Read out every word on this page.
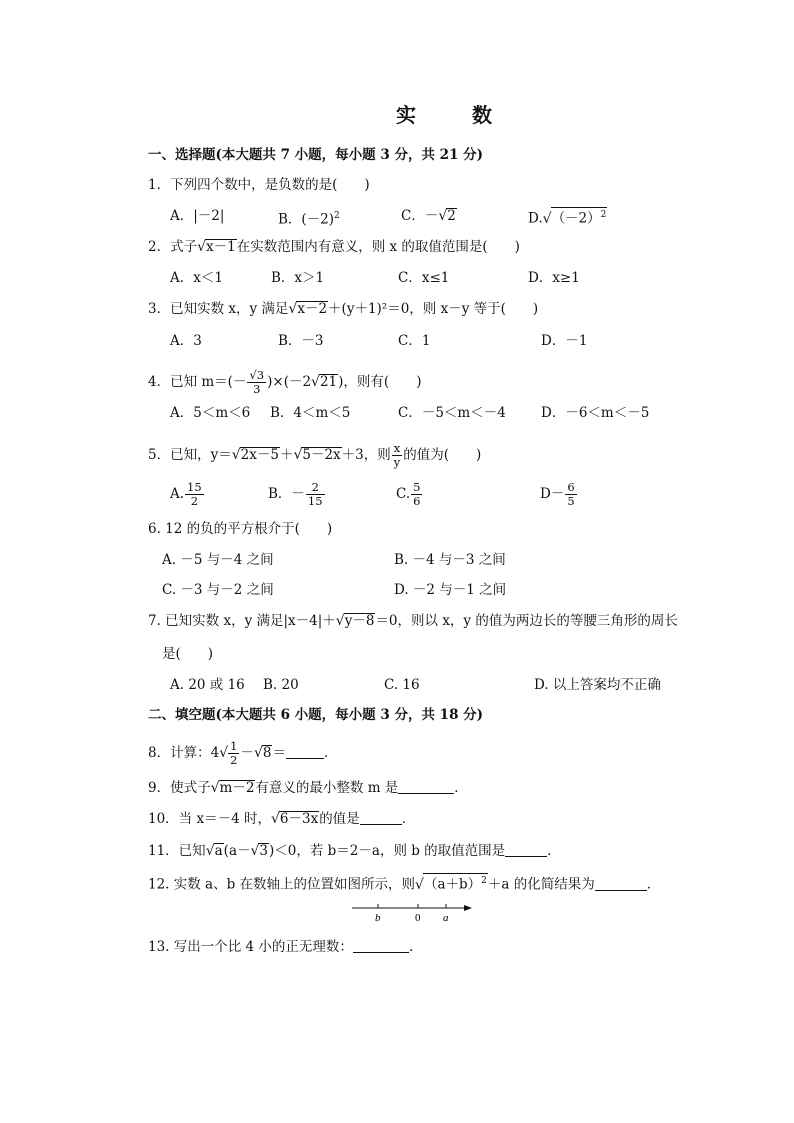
实　数
一、选择题(本大题共 7 小题，每小题 3 分，共 21 分)
1．下列四个数中，是负数的是(　　)
A．|－2|	B．$(-2)^2$	C．－√2	$D.√(-2)^2$
2．式子√x－1在实数范围内有意义，则 x 的取值范围是(　　)
A．x＜1	B．x＞1	C．x≤1	D．x≥1
3．已知实数 x，y 满足√x－2＋(y＋1)²＝0，则 x－y 等于(　　)
A．3	B．－3	C．1	D．－1
4．已知 $m=(- \frac{√3}{3} )\times(-2√21)$，则有(　　)
A．5＜m＜6 B．4＜m＜5	C．－5＜m＜－4	D．－6＜m＜－5
5．已知，y＝√2x－5＋√5－2x＋3，则 $\frac{x}{y}$ 的值为(　　)
A. $\frac{15}{2}$	B．－ $\frac{2}{15}$	C. $\frac{5}{6}$	$D- \frac{6}{5}$
6. 12 的负的平方根介于(　　)
A. －5 与－4 之间	B. －4 与－3 之间
C. －3 与－2 之间	D. －2 与－1 之间
7. 已知实数 x，y 满足|x－4|＋√y－8＝0，则以 x，y 的值为两边长的等腰三角形的周长
是(　　)
A. 20 或 16 B. 20	C. 16	D. 以上答案均不正确
二、填空题(本大题共 6 小题，每小题 3 分，共 18 分)
8．计算：$4√ \frac{1}{2} -√8=$	．
9．使式子√m－2有意义的最小整数 m 是	．
10．当 x＝－4 时，√6－3x的值是	．
11．已知√a(a－√3)＜0，若 b＝2－a，则 b 的取值范围是	．
12. 实数 a、b 在数轴上的位置如图所示，则$√(a+b)^2+a$ 的化简结果为	．
b	0 a
13. 写出一个比 4 小的正无理数：	.
